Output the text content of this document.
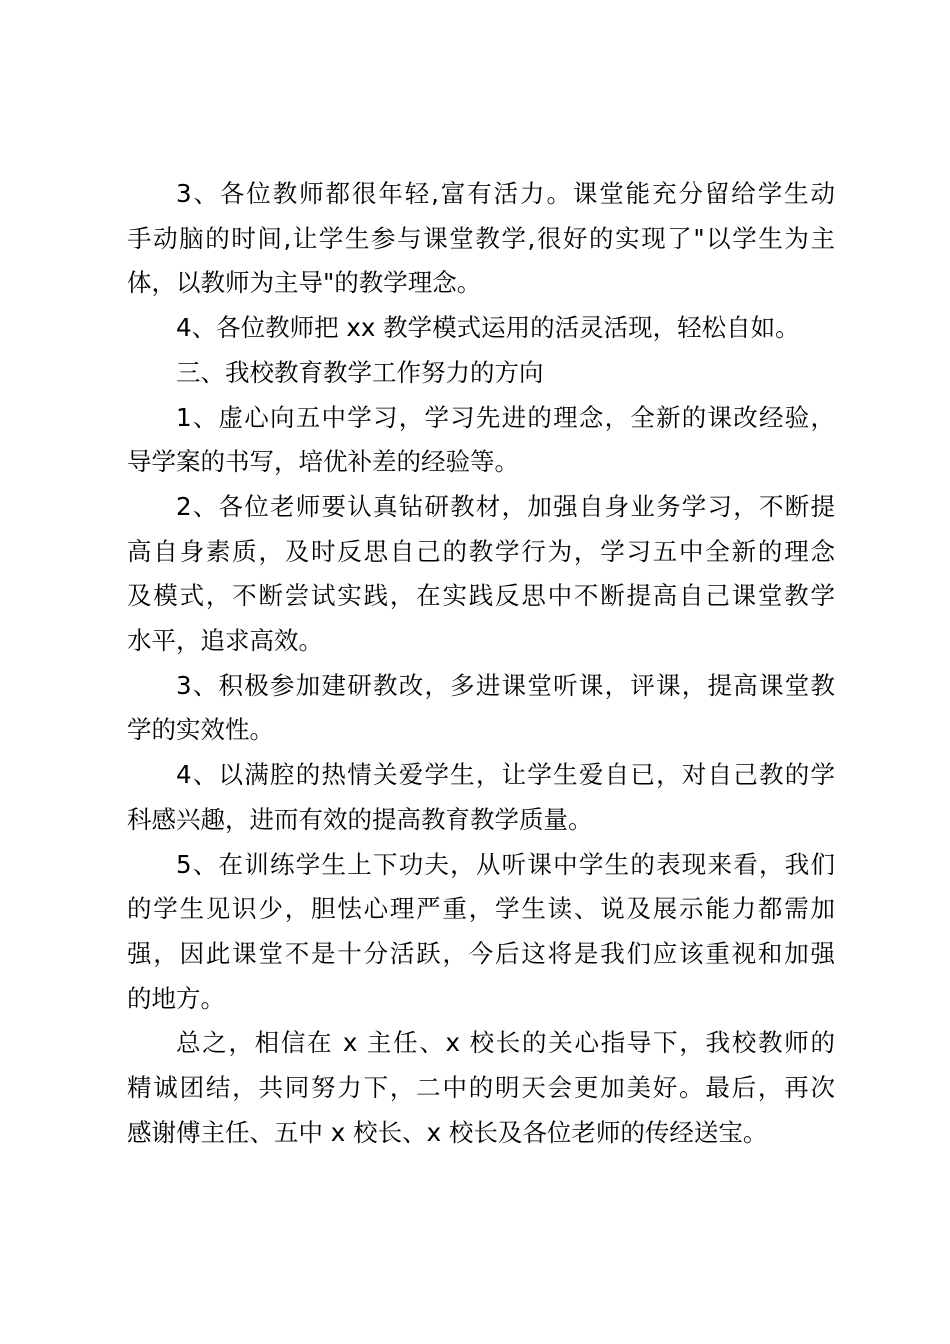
3、各位教师都很年轻,富有活力。课堂能充分留给学生动
手动脑的时间,让学生参与课堂教学,很好的实现了"以学生为主
体，以教师为主导"的教学理念。
4、各位教师把 xx 教学模式运用的活灵活现，轻松自如。
三、我校教育教学工作努力的方向
1、虚心向五中学习，学习先进的理念，全新的课改经验，
导学案的书写，培优补差的经验等。
2、各位老师要认真钻研教材，加强自身业务学习，不断提
高自身素质，及时反思自己的教学行为，学习五中全新的理念
及模式，不断尝试实践，在实践反思中不断提高自己课堂教学
水平，追求高效。
3、积极参加建研教改，多进课堂听课，评课，提高课堂教
学的实效性。
4、以满腔的热情关爱学生，让学生爱自已，对自己教的学
科感兴趣，进而有效的提高教育教学质量。
5、在训练学生上下功夫，从听课中学生的表现来看，我们
的学生见识少，胆怯心理严重，学生读、说及展示能力都需加
强，因此课堂不是十分活跃，今后这将是我们应该重视和加强
的地方。
总之，相信在 x 主任、x 校长的关心指导下，我校教师的
精诚团结，共同努力下，二中的明天会更加美好。最后，再次
感谢傅主任、五中 x 校长、x 校长及各位老师的传经送宝。
